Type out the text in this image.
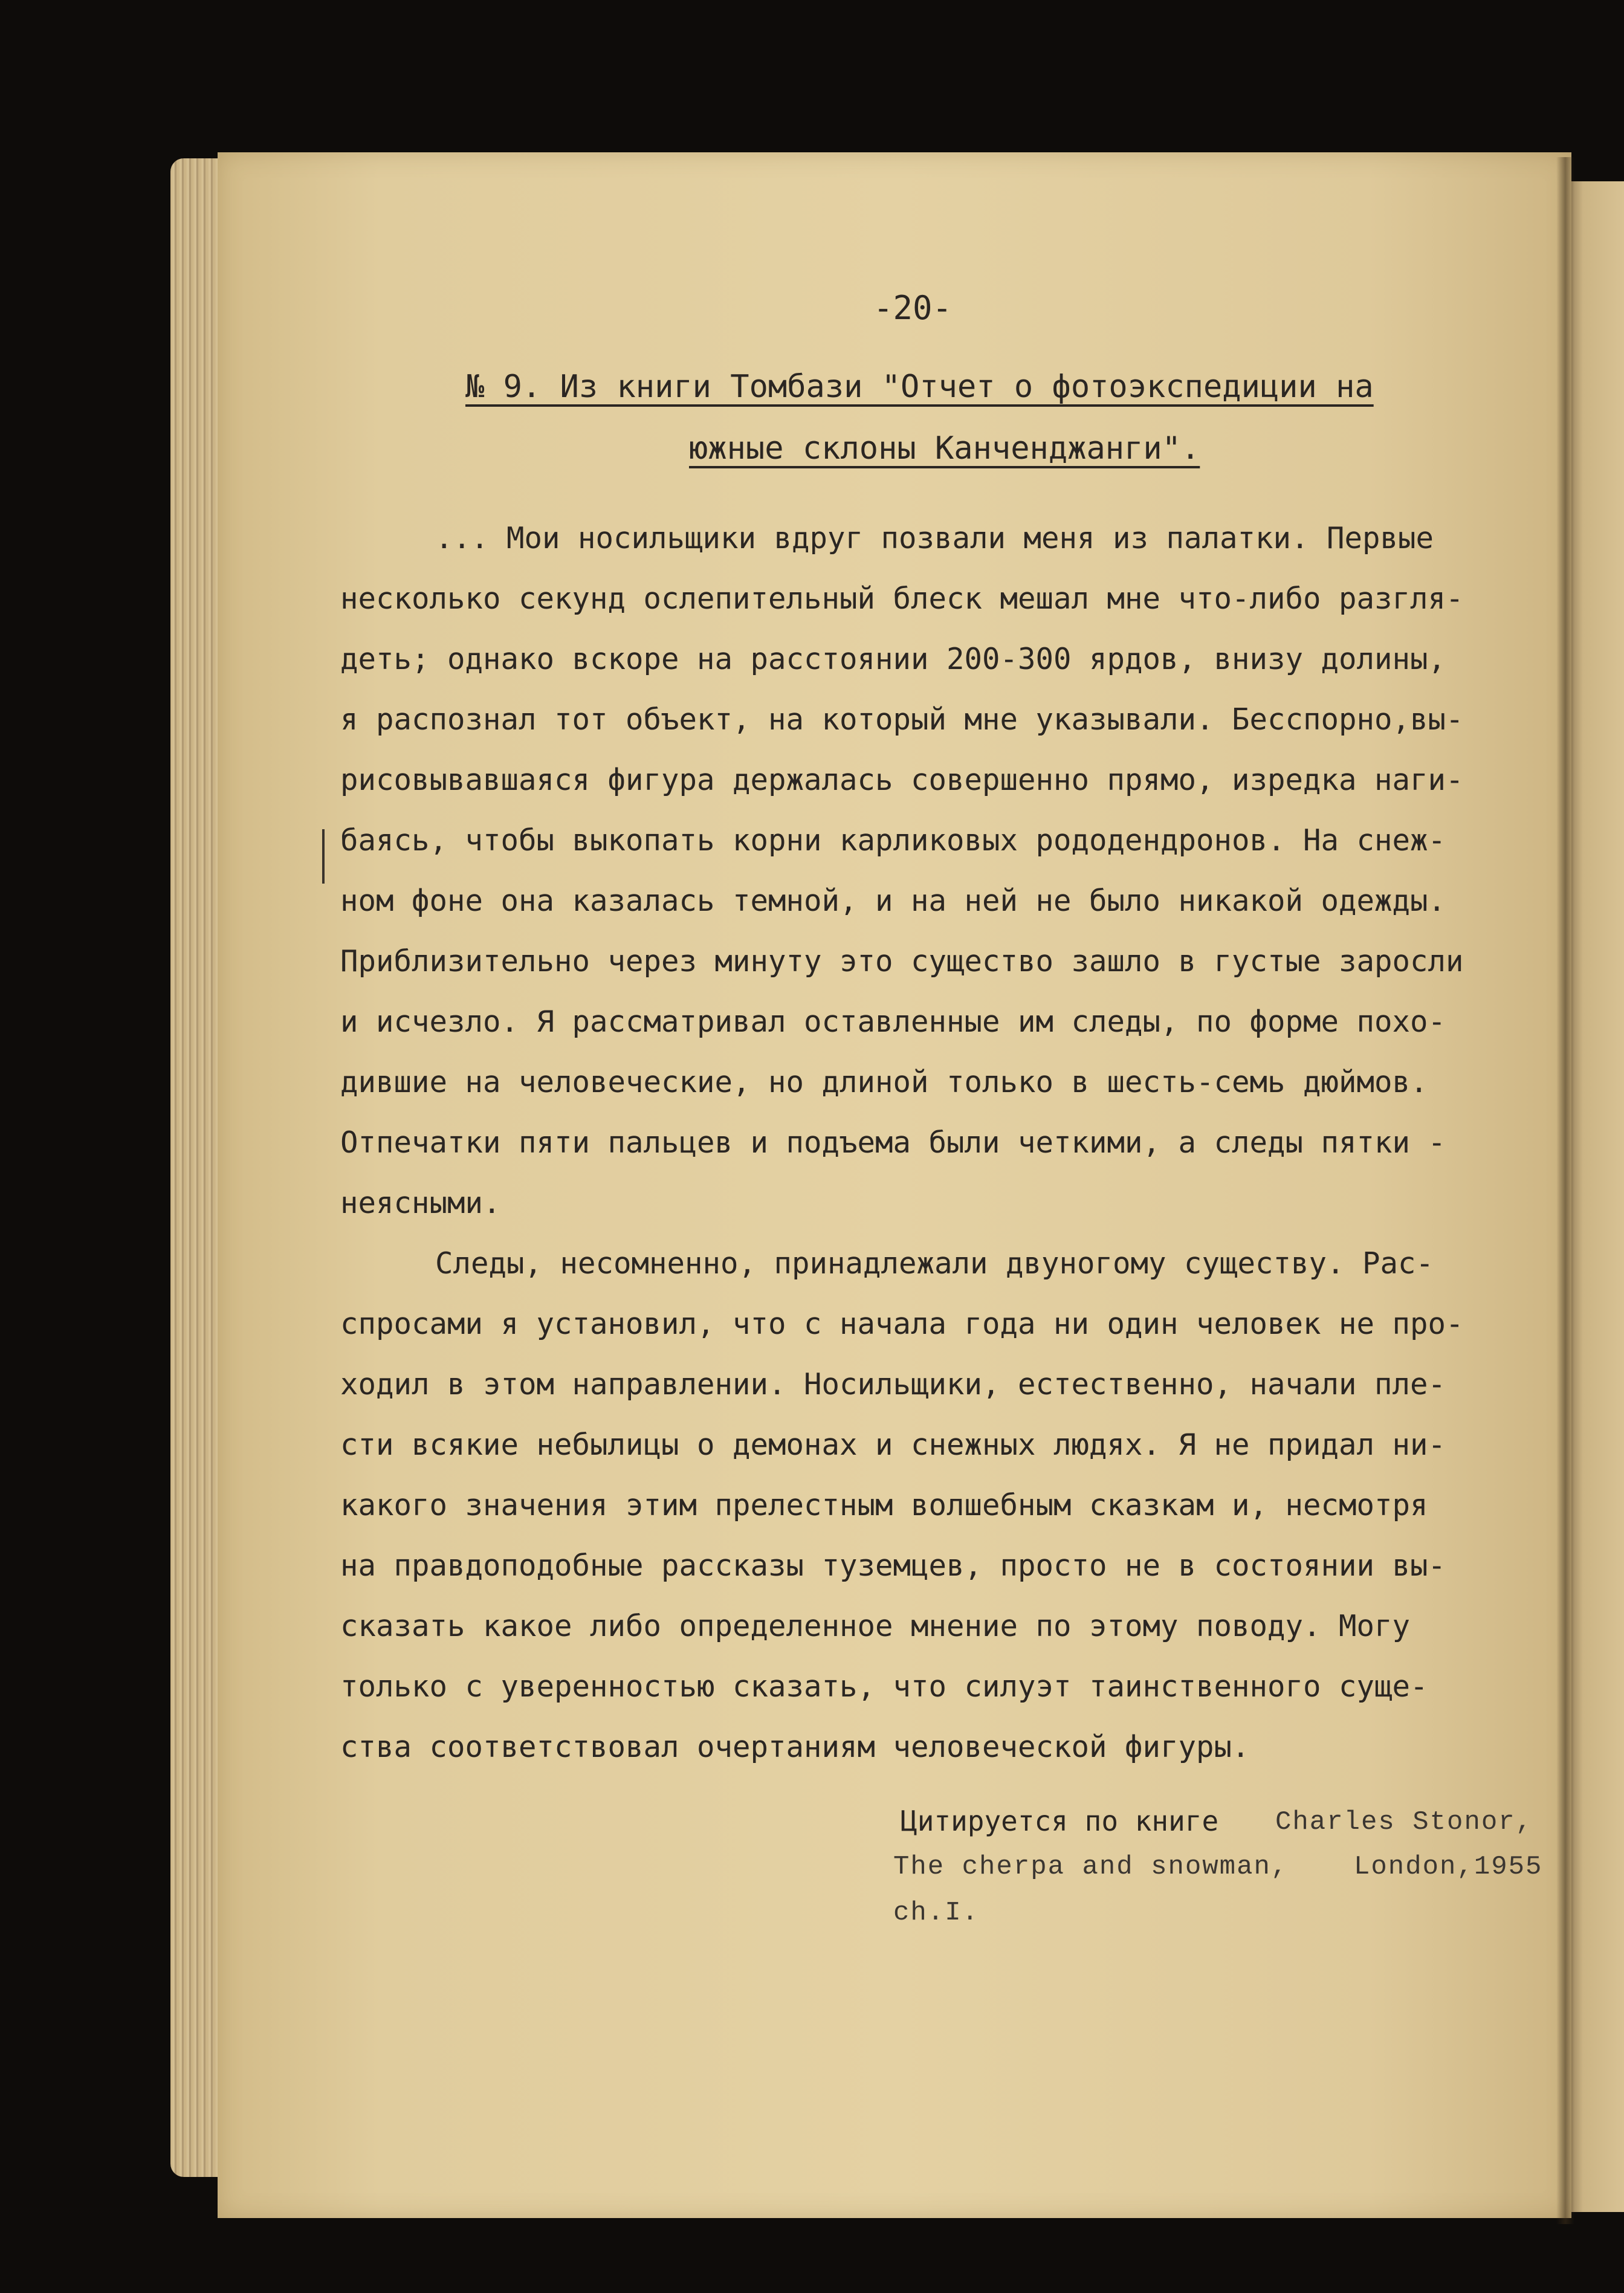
-20-
№ 9. Из книги Томбази "Отчет о фотоэкспедиции на
южные склоны Канченджанги".
... Мои носильщики вдруг позвали меня из палатки. Первые
несколько секунд ослепительный блеск мешал мне что-либо разгля-
деть; однако вскоре на расстоянии 200-300 ярдов, внизу долины,
я распознал тот объект, на который мне указывали. Бесспорно,вы-
рисовывавшаяся фигура держалась совершенно прямо, изредка наги-
баясь, чтобы выкопать корни карликовых рододендронов. На снеж-
ном фоне она казалась темной, и на ней не было никакой одежды.
Приблизительно через минуту это существо зашло в густые заросли
и исчезло. Я рассматривал оставленные им следы, по форме похо-
дившие на человеческие, но длиной только в шесть-семь дюймов.
Отпечатки пяти пальцев и подъема были четкими, а следы пятки -
неясными.
Следы, несомненно, принадлежали двуногому существу. Рас-
спросами я установил, что с начала года ни один человек не про-
ходил в этом направлении. Носильщики, естественно, начали пле-
сти всякие небылицы о демонах и снежных людях. Я не придал ни-
какого значения этим прелестным волшебным сказкам и, несмотря
на правдоподобные рассказы туземцев, просто не в состоянии вы-
сказать какое либо определенное мнение по этому поводу. Могу
только с уверенностью сказать, что силуэт таинственного суще-
ства соответствовал очертаниям человеческой фигуры.
Цитируется по книге Charles Stonor,
The cherpa and snowman, London,1955
ch.I.
